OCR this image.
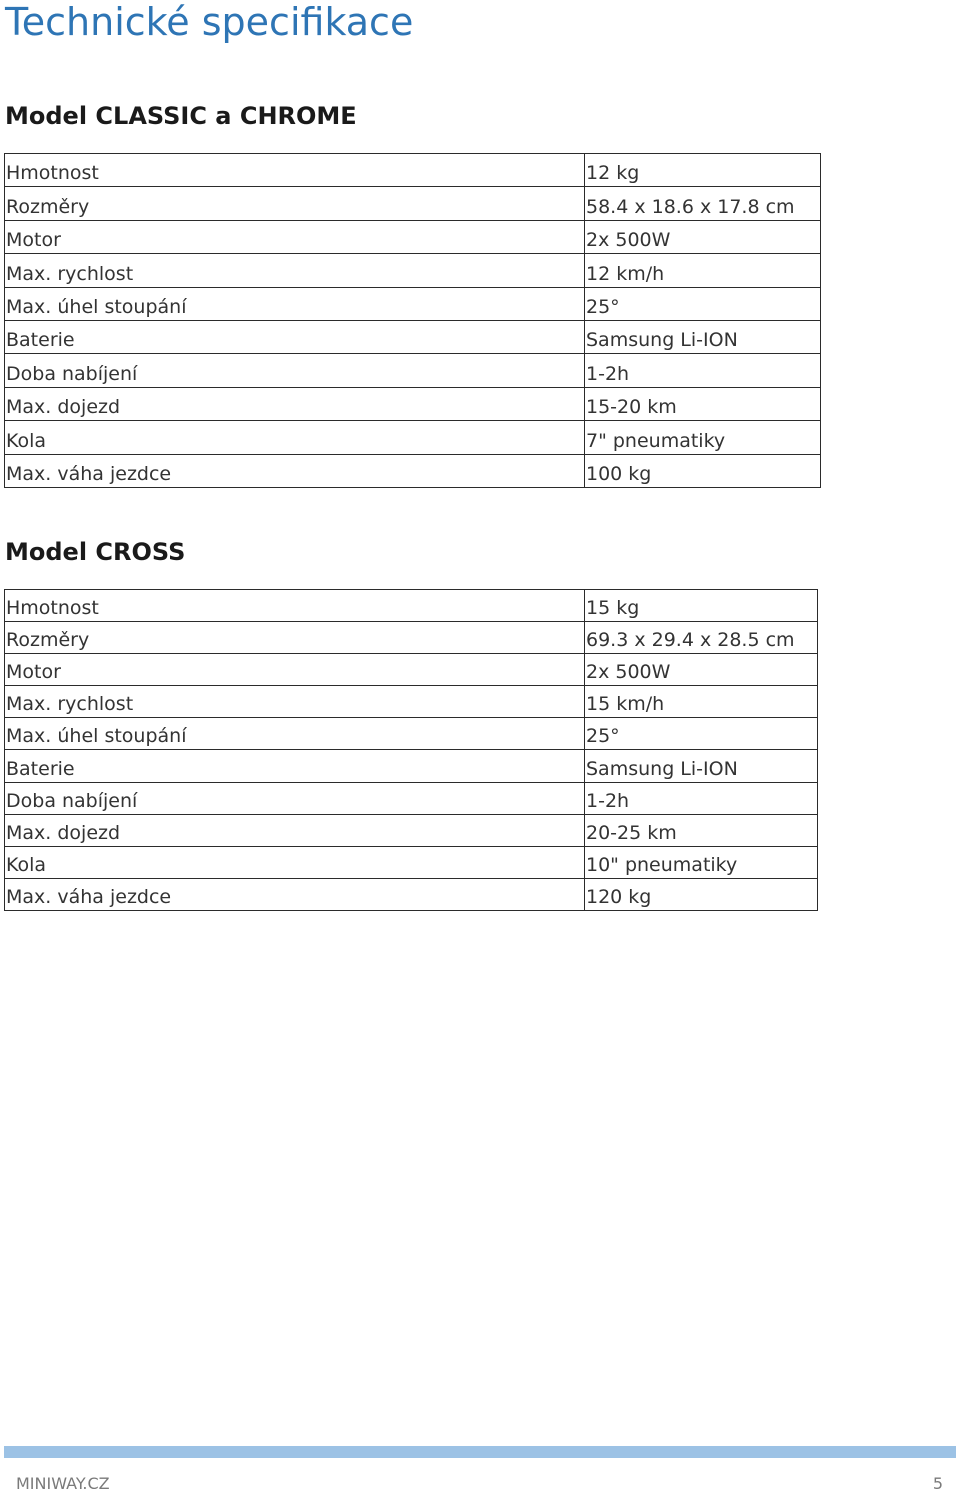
Technické specifikace
Model CLASSIC a CHROME
Hmotnost	12 kg
Rozměry	58.4 x 18.6 x 17.8 cm
Motor	2x 500W
Max. rychlost	12 km/h
Max. úhel stoupání	25°
Baterie	Samsung Li-ION
Doba nabíjení	1-2h
Max. dojezd	15-20 km
Kola	7" pneumatiky
Max. váha jezdce	100 kg
Model CROSS
Hmotnost	15 kg
Rozměry	69.3 x 29.4 x 28.5 cm
Motor	2x 500W
Max. rychlost	15 km/h
Max. úhel stoupání	25°
Baterie	Samsung Li-ION
Doba nabíjení	1-2h
Max. dojezd	20-25 km
Kola	10" pneumatiky
Max. váha jezdce	120 kg
MINIWAY.CZ	5
